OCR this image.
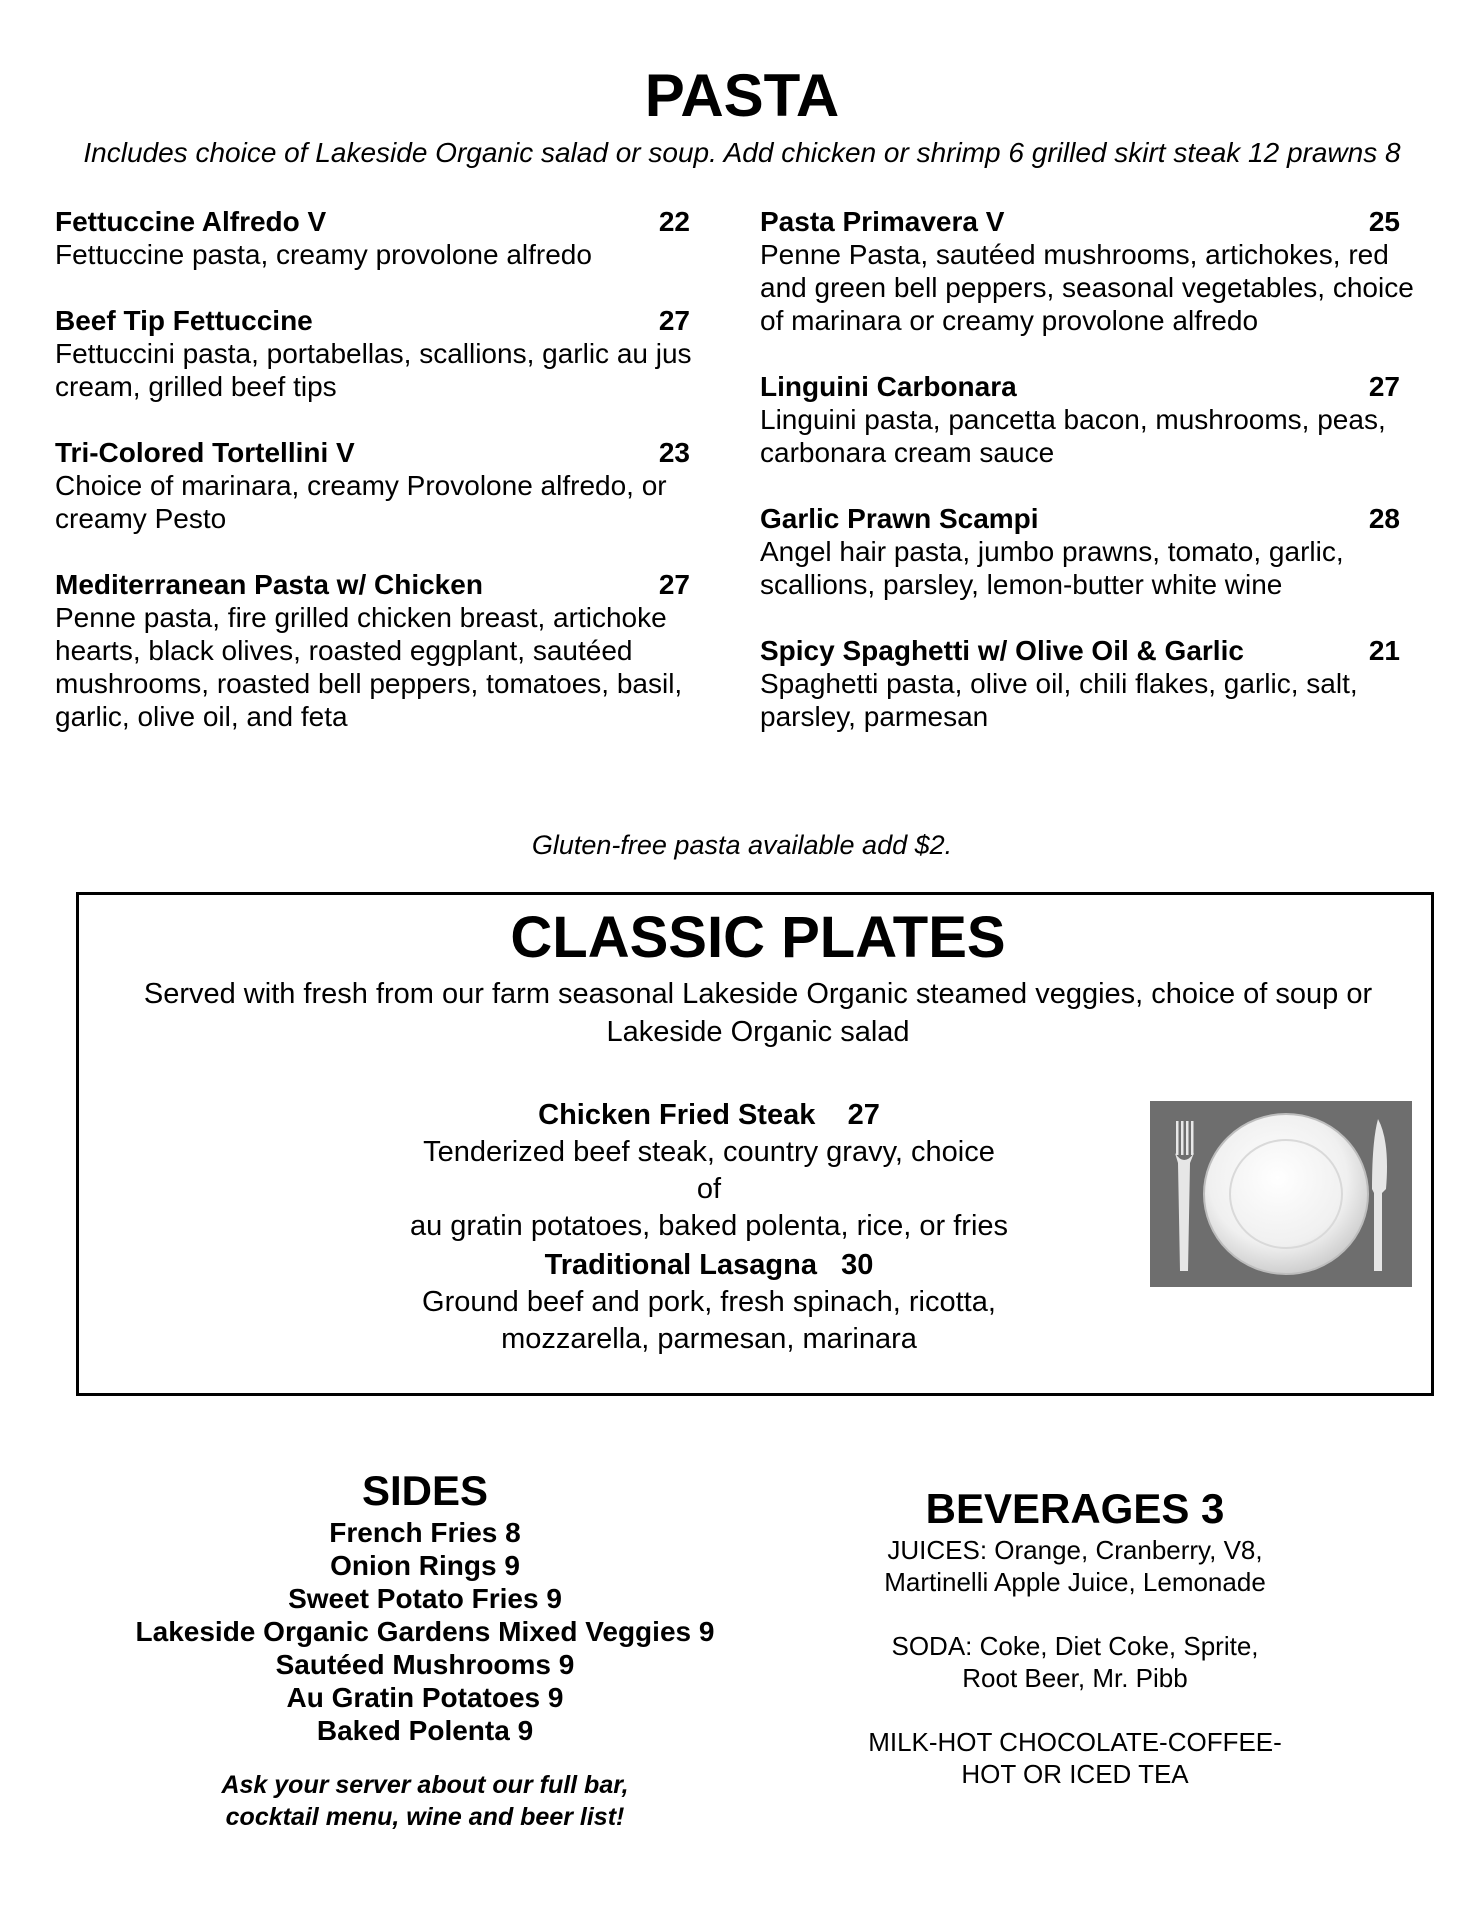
PASTA
Includes choice of Lakeside Organic salad or soup. Add chicken or shrimp 6 grilled skirt steak 12 prawns 8
Fettuccine Alfredo V	22
Fettuccine pasta, creamy provolone alfredo
Beef Tip Fettuccine	27
Fettuccini pasta, portabellas, scallions, garlic au jus cream, grilled beef tips
Tri-Colored Tortellini V	23
Choice of marinara, creamy Provolone alfredo, or creamy Pesto
Mediterranean Pasta w/ Chicken	27
Penne pasta, fire grilled chicken breast, artichoke hearts, black olives, roasted eggplant, sautéed mushrooms, roasted bell peppers, tomatoes, basil, garlic, olive oil, and feta
Pasta Primavera V	25
Penne Pasta, sautéed mushrooms, artichokes, red and green bell peppers, seasonal vegetables, choice of marinara or creamy provolone alfredo
Linguini Carbonara	27
Linguini pasta, pancetta bacon, mushrooms, peas, carbonara cream sauce
Garlic Prawn Scampi	28
Angel hair pasta, jumbo prawns, tomato, garlic, scallions, parsley, lemon-butter white wine
Spicy Spaghetti w/ Olive Oil & Garlic	21
Spaghetti pasta, olive oil, chili flakes, garlic, salt, parsley, parmesan
Gluten-free pasta available add $2.
CLASSIC PLATES
Served with fresh from our farm seasonal Lakeside Organic steamed veggies, choice of soup or Lakeside Organic salad
Chicken Fried Steak 27
Tenderized beef steak, country gravy, choice of
au gratin potatoes, baked polenta, rice, or fries
Traditional Lasagna 30
Ground beef and pork, fresh spinach, ricotta,
mozzarella, parmesan, marinara
SIDES
French Fries 8
Onion Rings 9
Sweet Potato Fries 9
Lakeside Organic Gardens Mixed Veggies 9
Sautéed Mushrooms 9
Au Gratin Potatoes 9
Baked Polenta 9
Ask your server about our full bar,
cocktail menu, wine and beer list!
BEVERAGES 3
JUICES: Orange, Cranberry, V8,
Martinelli Apple Juice, Lemonade
SODA: Coke, Diet Coke, Sprite,
Root Beer, Mr. Pibb
MILK-HOT CHOCOLATE-COFFEE-
HOT OR ICED TEA
